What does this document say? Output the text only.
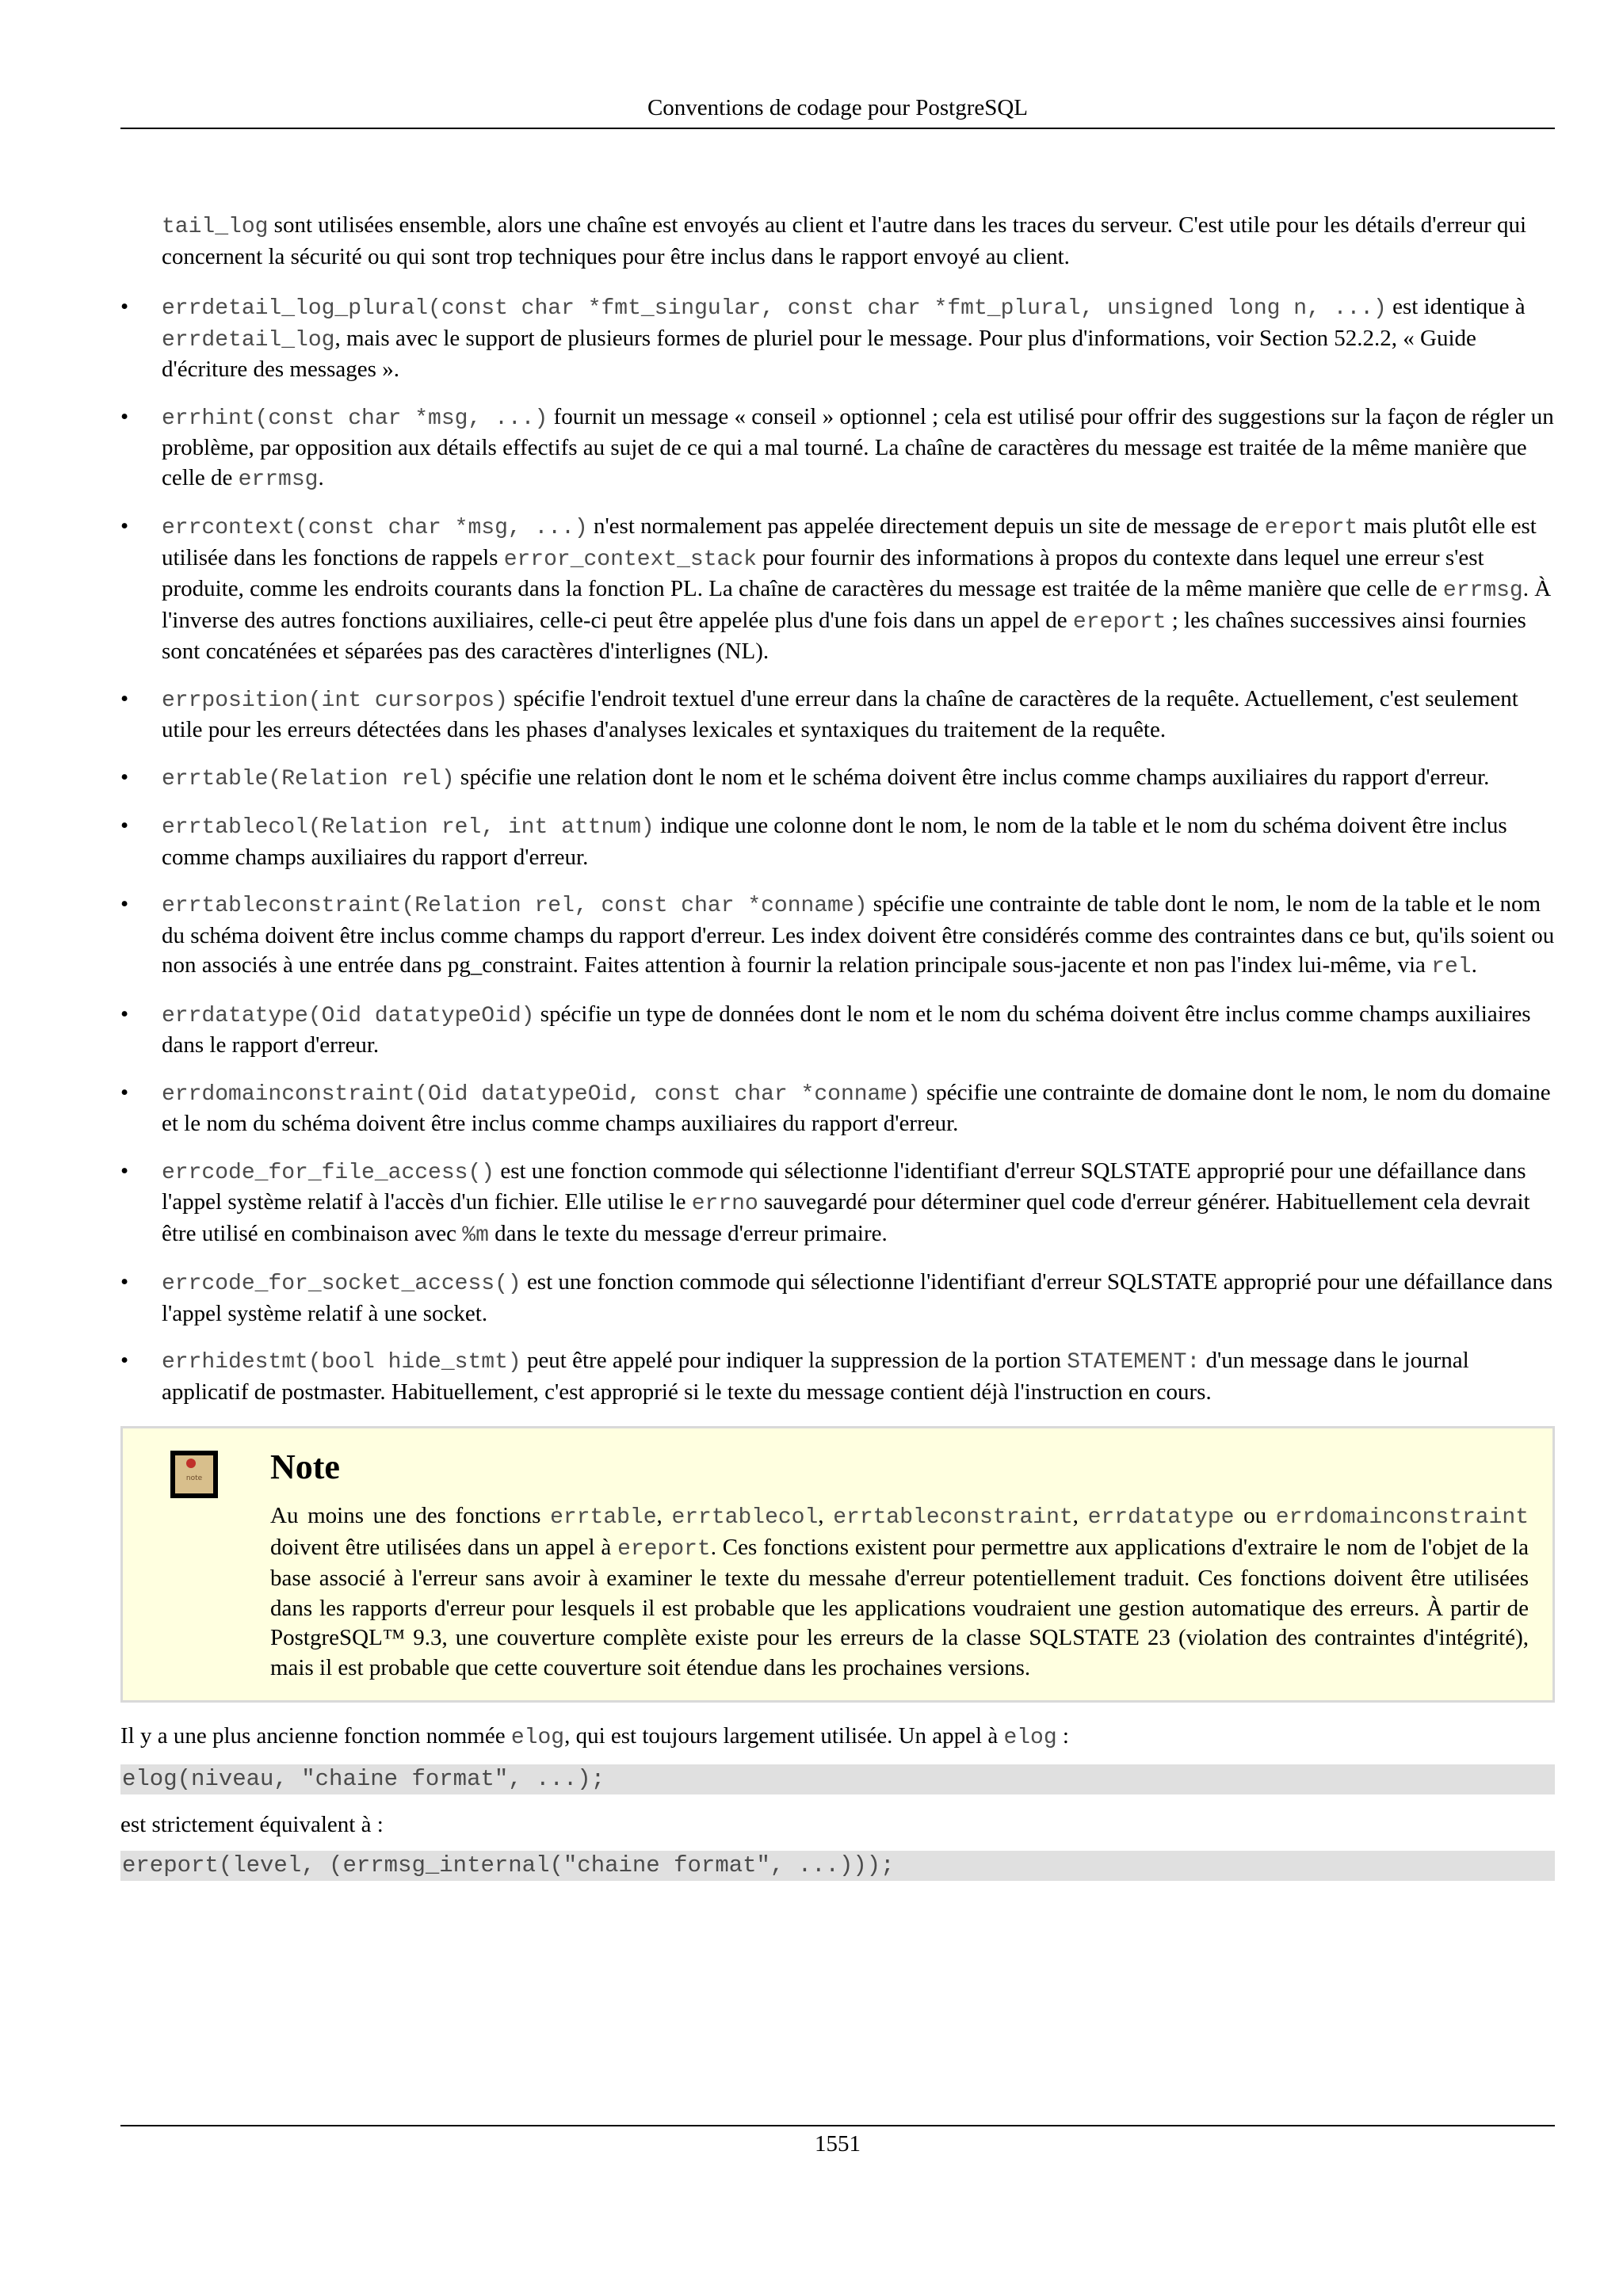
Conventions de codage pour PostgreSQL

tail_log sont utilisées ensemble, alors une chaîne est envoyés au client et l'autre dans les traces du serveur. C'est utile pour les détails d'erreur qui concernent la sécurité ou qui sont trop techniques pour être inclus dans le rapport envoyé au client.

• errdetail_log_plural(const char *fmt_singular, const char *fmt_plural, unsigned long n, ...) est identique à errdetail_log, mais avec le support de plusieurs formes de pluriel pour le message. Pour plus d'informations, voir Section 52.2.2, « Guide d'écriture des messages ».
• errhint(const char *msg, ...) fournit un message « conseil » optionnel ; cela est utilisé pour offrir des suggestions sur la façon de régler un problème, par opposition aux détails effectifs au sujet de ce qui a mal tourné. La chaîne de caractères du message est traitée de la même manière que celle de errmsg.
• errcontext(const char *msg, ...) n'est normalement pas appelée directement depuis un site de message de ereport mais plutôt elle est utilisée dans les fonctions de rappels error_context_stack pour fournir des informations à propos du contexte dans lequel une erreur s'est produite, comme les endroits courants dans la fonction PL. La chaîne de caractères du message est traitée de la même manière que celle de errmsg. À l'inverse des autres fonctions auxiliaires, celle-ci peut être appelée plus d'une fois dans un appel de ereport ; les chaînes successives ainsi fournies sont concaténées et séparées pas des caractères d'interlignes (NL).
• errposition(int cursorpos) spécifie l'endroit textuel d'une erreur dans la chaîne de caractères de la requête. Actuellement, c'est seulement utile pour les erreurs détectées dans les phases d'analyses lexicales et syntaxiques du traitement de la requête.
• errtable(Relation rel) spécifie une relation dont le nom et le schéma doivent être inclus comme champs auxiliaires du rapport d'erreur.
• errtablecol(Relation rel, int attnum) indique une colonne dont le nom, le nom de la table et le nom du schéma doivent être inclus comme champs auxiliaires du rapport d'erreur.
• errtableconstraint(Relation rel, const char *conname) spécifie une contrainte de table dont le nom, le nom de la table et le nom du schéma doivent être inclus comme champs du rapport d'erreur. Les index doivent être considérés comme des contraintes dans ce but, qu'ils soient ou non associés à une entrée dans pg_constraint. Faites attention à fournir la relation principale sous-jacente et non pas l'index lui-même, via rel.
• errdatatype(Oid datatypeOid) spécifie un type de données dont le nom et le nom du schéma doivent être inclus comme champs auxiliaires dans le rapport d'erreur.
• errdomainconstraint(Oid datatypeOid, const char *conname) spécifie une contrainte de domaine dont le nom, le nom du domaine et le nom du schéma doivent être inclus comme champs auxiliaires du rapport d'erreur.
• errcode_for_file_access() est une fonction commode qui sélectionne l'identifiant d'erreur SQLSTATE approprié pour une défaillance dans l'appel système relatif à l'accès d'un fichier. Elle utilise le errno sauvegardé pour déterminer quel code d'erreur générer. Habituellement cela devrait être utilisé en combinaison avec %m dans le texte du message d'erreur primaire.
• errcode_for_socket_access() est une fonction commode qui sélectionne l'identifiant d'erreur SQLSTATE approprié pour une défaillance dans l'appel système relatif à une socket.
• errhidestmt(bool hide_stmt) peut être appelé pour indiquer la suppression de la portion STATEMENT: d'un message dans le journal applicatif de postmaster. Habituellement, c'est approprié si le texte du message contient déjà l'instruction en cours.
note	Note

Au moins une des fonctions errtable, errtablecol, errtableconstraint, errdatatype ou errdomainconstraint doivent être utilisées dans un appel à ereport. Ces fonctions existent pour permettre aux applications d'extraire le nom de l'objet de la base associé à l'erreur sans avoir à examiner le texte du messahe d'erreur potentiellement traduit. Ces fonctions doivent être utilisées dans les rapports d'erreur pour lesquels il est probable que les applications voudraient une gestion automatique des erreurs. À partir de PostgreSQL™ 9.3, une couverture complète existe pour les erreurs de la classe SQLSTATE 23 (violation des contraintes d'intégrité), mais il est probable que cette couverture soit étendue dans les prochaines versions.

Il y a une plus ancienne fonction nommée elog, qui est toujours largement utilisée. Un appel à elog :

elog(niveau, "chaine format", ...);

est strictement équivalent à :

ereport(level, (errmsg_internal("chaine format", ...)));
1551
